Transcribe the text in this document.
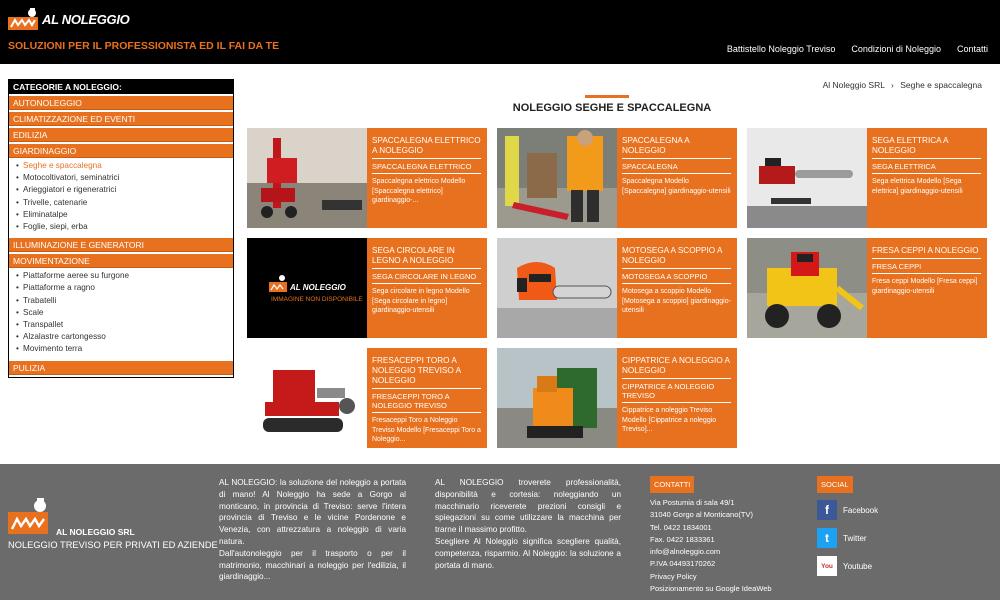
AL NOLEGGIO
SOLUZIONI PER IL PROFESSIONISTA ED IL FAI DA TE	Battistello Noleggio Treviso Condizioni di Noleggio Contatti
CATEGORIE A NOLEGGIO:
AUTONOLEGGIO
CLIMATIZZAZIONE ED EVENTI
EDILIZIA
GIARDINAGGIO
• Seghe e spaccalegna
• Motocoltivatori, seminatrici
• Arieggiatori e rigeneratrici
• Trivelle, catenarie
• Eliminatalpe
• Foglie, siepi, erba
ILLUMINAZIONE E GENERATORI
MOVIMENTAZIONE
• Piattaforme aeree su furgone
• Piattaforme a ragno
• Trabatelli
• Scale
• Transpallet
• Alzalastre cartongesso
• Movimento terra
PULIZIA
Al Noleggio SRL › Seghe e spaccalegna
NOLEGGIO SEGHE E SPACCALEGNA
SPACCALEGNA ELETTRICO A NOLEGGIO
SPACCALEGNA ELETTRICO
Spaccalegna elettrico Modello [Spaccalegna elettrico] giardinaggio-...
SPACCALEGNA A NOLEGGIO
SPACCALEGNA
Spaccalegna Modello [Spaccalegna] giardinaggio-utensili
SEGA ELETTRICA A NOLEGGIO
SEGA ELETTRICA
Sega elettrica Modello [Sega elettrica] giardinaggio-utensili
AL NOLEGGIO
IMMAGINE NON DISPONIBILE
SEGA CIRCOLARE IN LEGNO A NOLEGGIO
SEGA CIRCOLARE IN LEGNO
Sega circolare in legno Modello [Sega circolare in legno] giardinaggio-utensili
MOTOSEGA A SCOPPIO A NOLEGGIO
MOTOSEGA A SCOPPIO
Motosega a scoppio Modello [Motosega a scoppio] giardinaggio-utensili
FRESA CEPPI A NOLEGGIO
FRESA CEPPI
Fresa ceppi Modello [Fresa ceppi] giardinaggio-utensili
FRESACEPPI TORO A NOLEGGIO TREVISO A NOLEGGIO
FRESACEPPI TORO A NOLEGGIO TREVISO
Fresaceppi Toro a Noleggio Treviso Modello [Fresaceppi Toro a Noleggio...
CIPPATRICE A NOLEGGIO A NOLEGGIO
CIPPATRICE A NOLEGGIO TREVISO
Cippatrice a noleggio Treviso Modello [Cippatrice a noleggio Treviso]...
AL NOLEGGIO SRL
NOLEGGIO TREVISO PER PRIVATI ED AZIENDE

AL NOLEGGIO: la soluzione del noleggio a portata di mano! Al Noleggio ha sede a Gorgo al monticano, in provincia di Treviso: serve l'intera provincia di Treviso e le vicine Pordenone e Venezia, con attrezzatura a noleggio di varia natura.

Dall'autonoleggio per il trasporto o per il matrimonio, macchinari a noleggio per l'edilizia, il giardinaggio...

AL NOLEGGIO troverete professionalità, disponibilità e cortesia: noleggiando un macchinario riceverete prezioni consigli e spiegazioni su come utilizzare la macchina per trarne il massimo profitto.

Scegliere Al Noleggio significa scegliere qualità, competenza, risparmio. Al Noleggio: la soluzione a portata di mano.

CONTATTI
Via Postumia di sala 49/1
31040 Gorgo al Monticano(TV)
Tel. 0422 1834001
Fax. 0422 1833361
info@alnoleggio.com
P.IVA 04493170262
Privacy Policy
Posizionamento su Google IdeaWeb
SOCIAL
f	Facebook
t	Twitter
You	Youtube
